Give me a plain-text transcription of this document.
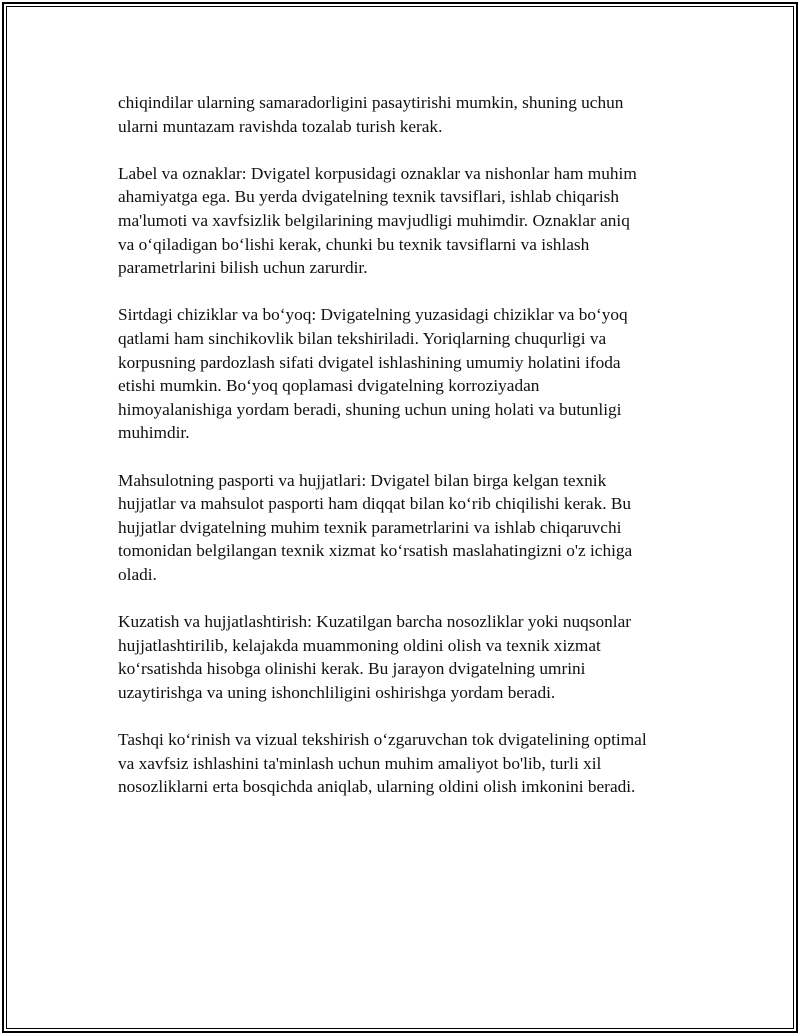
chiqindilar ularning samaradorligini pasaytirishi mumkin, shuning uchun
ularni muntazam ravishda tozalab turish kerak.

Label va oznaklar: Dvigatel korpusidagi oznaklar va nishonlar ham muhim
ahamiyatga ega. Bu yerda dvigatelning texnik tavsiflari, ishlab chiqarish
ma'lumoti va xavfsizlik belgilarining mavjudligi muhimdir. Oznaklar aniq
va o‘qiladigan bo‘lishi kerak, chunki bu texnik tavsiflarni va ishlash
parametrlarini bilish uchun zarurdir.

Sirtdagi chiziklar va bo‘yoq: Dvigatelning yuzasidagi chiziklar va bo‘yoq
qatlami ham sinchikovlik bilan tekshiriladi. Yoriqlarning chuqurligi va
korpusning pardozlash sifati dvigatel ishlashining umumiy holatini ifoda
etishi mumkin. Bo‘yoq qoplamasi dvigatelning korroziyadan
himoyalanishiga yordam beradi, shuning uchun uning holati va butunligi
muhimdir.

Mahsulotning pasporti va hujjatlari: Dvigatel bilan birga kelgan texnik
hujjatlar va mahsulot pasporti ham diqqat bilan ko‘rib chiqilishi kerak. Bu
hujjatlar dvigatelning muhim texnik parametrlarini va ishlab chiqaruvchi
tomonidan belgilangan texnik xizmat ko‘rsatish maslahatingizni o'z ichiga
oladi.

Kuzatish va hujjatlashtirish: Kuzatilgan barcha nosozliklar yoki nuqsonlar
hujjatlashtirilib, kelajakda muammoning oldini olish va texnik xizmat
ko‘rsatishda hisobga olinishi kerak. Bu jarayon dvigatelning umrini
uzaytirishga va uning ishonchliligini oshirishga yordam beradi.

Tashqi ko‘rinish va vizual tekshirish o‘zgaruvchan tok dvigatelining optimal
va xavfsiz ishlashini ta'minlash uchun muhim amaliyot bo'lib, turli xil
nosozliklarni erta bosqichda aniqlab, ularning oldini olish imkonini beradi.
